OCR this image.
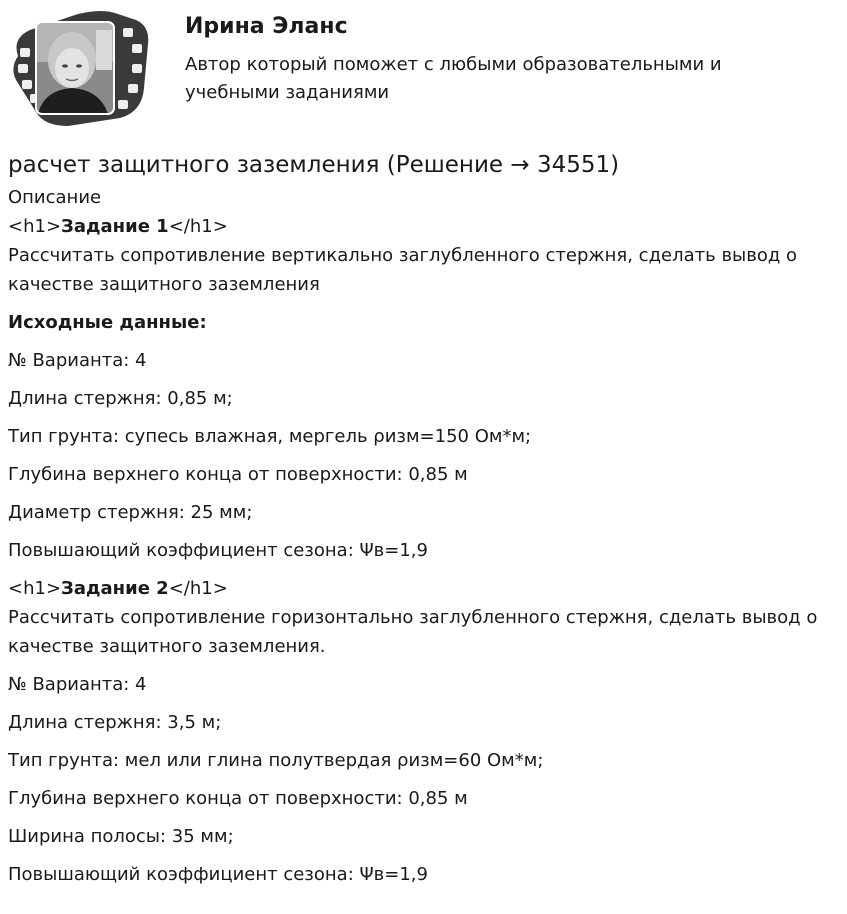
Ирина Эланс

Автор который поможет с любыми образовательными и учебными заданиями

расчет защитного заземления (Решение → 34551)

Описание

<h1>Задание 1</h1>

Рассчитать сопротивление вертикально заглубленного стержня, сделать вывод о качестве защитного заземления

Исходные данные:

№ Варианта: 4

Длина стержня: 0,85 м;

Тип грунта: супесь влажная, мергель ρизм=150 Ом*м;

Глубина верхнего конца от поверхности: 0,85 м

Диаметр стержня: 25 мм;

Повышающий коэффициент сезона: Ψв=1,9

<h1>Задание 2</h1>

Рассчитать сопротивление горизонтально заглубленного стержня, сделать вывод о качестве защитного заземления.

№ Варианта: 4

Длина стержня: 3,5 м;

Тип грунта: мел или глина полутвердая ρизм=60 Ом*м;

Глубина верхнего конца от поверхности: 0,85 м

Ширина полосы: 35 мм;

Повышающий коэффициент сезона: Ψв=1,9
